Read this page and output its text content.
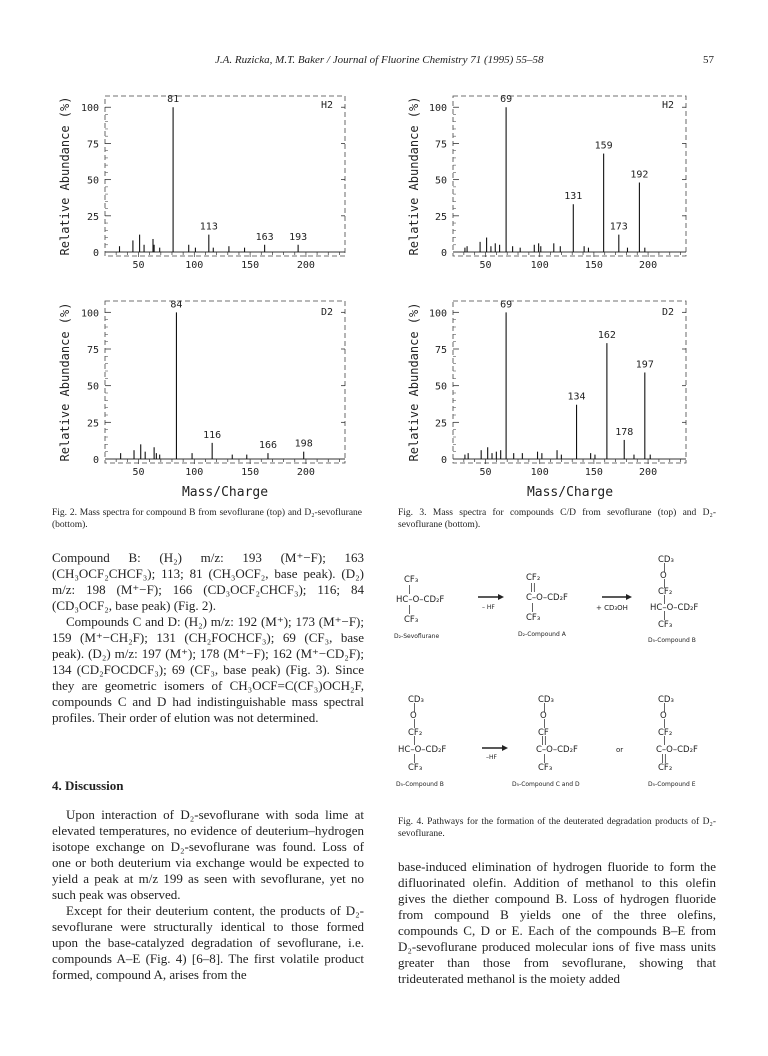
J.A. Ruzicka, M.T. Baker / Journal of Fluorine Chemistry 71 (1995) 55–58	57
0
25
50
75
100
50	100	150	200
81
113
163 193
H2
Relative Abundance (%)
0
25
50
75
100
50	100	150	200
84
116
166 198
D2
Relative Abundance (%)
Mass/Charge
0
25
50
75
100
50	100	150	200
69
131
159
173
192
H2
Relative Abundance (%)
0
25
50
75
100
50	100	150	200
69
134
162
178
197
D2
Relative Abundance (%)
Mass/Charge
Fig. 2. Mass spectra for compound B from sevoflurane (top) and D₂-sevoflurane (bottom).
Fig. 3. Mass spectra for compounds C/D from sevoflurane (top) and D₂-sevoflurane (bottom).

Compound B: (H₂) m/z: 193 (M⁺−F); 163 (CH₃OCF₂CHCF₃); 113; 81 (CH₃OCF₂, base peak). (D₂) m/z: 198 (M⁺−F); 166 (CD₃OCF₂CHCF₃); 116; 84 (CD₃OCF₂, base peak) (Fig. 2).

Compounds C and D: (H₂) m/z: 192 (M⁺); 173 (M⁺−F); 159 (M⁺−CH₂F); 131 (CH₂FOCHCF₃); 69 (CF₃, base peak). (D₂) m/z: 197 (M⁺); 178 (M⁺−F); 162 (M⁺−CD₂F); 134 (CD₂FOCDCF₃); 69 (CF₃, base peak) (Fig. 3). Since they are geometric isomers of CH₃OCF=C(CF₃)OCH₂F, compounds C and D had indistinguishable mass spectral profiles. Their order of elution was not determined.

4. Discussion

Upon interaction of D₂-sevoflurane with soda lime at elevated temperatures, no evidence of deuterium–hydrogen isotope exchange on D₂-sevoflurane was found. Loss of one or both deuterium via exchange would be expected to yield a peak at m/z 199 as seen with sevoflurane, yet no such peak was observed.

Except for their deuterium content, the products of D₂-sevoflurane were structurally identical to those formed upon the base-catalyzed degradation of sevoflurane, i.e. compounds A–E (Fig. 4) [6–8]. The first volatile product formed, compound A, arises from the

CF₃
|
HC–O–CD₂F
|
CF₃
D₂-Sevoflurane
– HF
CF₂
||
C–O–CD₂F
|
CF₃
D₂-Compound A
+ CD₃OH
CD₃
|
O
|
CF₂
|
HC–O–CD₂F
|
CF₃
D₅-Compound B
CD₃
|
O
|
CF₂
|
HC–O–CD₂F
|
CF₃
D₅-Compound B
–HF
CD₃
|
O
|
CF
||
C–O–CD₂F
|
CF₃
D₅-Compound C and D
or
CD₃
|
O
|
CF₂
|
C–O–CD₂F
||
CF₂
D₅-Compound E
Fig. 4. Pathways for the formation of the deuterated degradation products of D₂-sevoflurane.

base-induced elimination of hydrogen fluoride to form the difluorinated olefin. Addition of methanol to this olefin gives the diether compound B. Loss of hydrogen fluoride from compound B yields one of the three olefins, compounds C, D or E. Each of the compounds B–E from D₂-sevoflurane produced molecular ions of five mass units greater than those from sevoflurane, showing that trideuterated methanol is the moiety added
